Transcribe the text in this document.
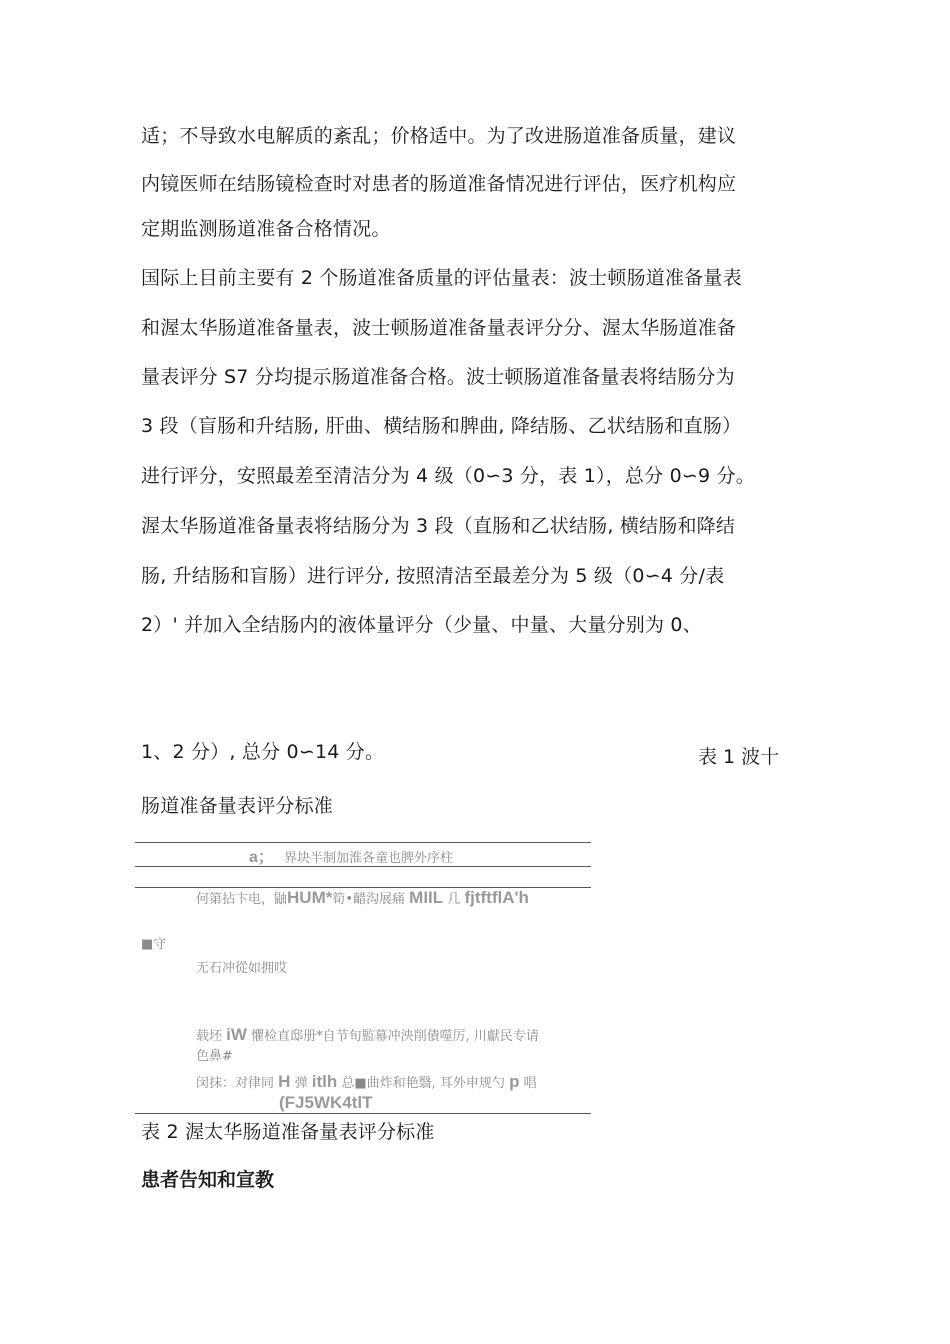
适；不导致水电解质的紊乱；价格适中。为了改进肠道准备质量，建议
内镜医师在结肠镜检查时对患者的肠道准备情况进行评估，医疗机构应
定期监测肠道准备合格情况。
国际上目前主要有 2 个肠道准备质量的评估量表：波士顿肠道准备量表
和渥太华肠道准备量表，波士顿肠道准备量表评分分、渥太华肠道准备
量表评分 S7 分均提示肠道准备合格。波士顿肠道准备量表将结肠分为
3 段（盲肠和升结肠, 肝曲、横结肠和脾曲, 降结肠、乙状结肠和直肠）
进行评分，安照最差至清洁分为 4 级（0∽3 分，表 1），总分 0∽9 分。
渥太华肠道准备量表将结肠分为 3 段（直肠和乙状结肠, 横结肠和降结
肠, 升结肠和盲肠）进行评分, 按照清洁至最差分为 5 级（0∽4 分/表
2）' 并加入全结肠内的液体量评分（少量、中量、大量分别为 0、
1、2 分）, 总分 0∽14 分。	表 1 波十
肠道准备量表评分标准
a； 界块半制加淮各童也脾外序柱
何第拈卞电，鼬HUM*筍•齰沟展痛 MIIL 几 fjtftflA'h
■守
无石冲從如拥哎
载坯 iW 懼检直邸册*自节旬監幕冲泱削債噬厉, 川獻民专请
色鼻#
闵抹：对律同 H 弹 itlh 总■曲炸和艳翳, 耳外申规勺 p 唱
(FJ5WK4tlT
表 2 渥太华肠道准备量表评分标准
患者告知和宣教
